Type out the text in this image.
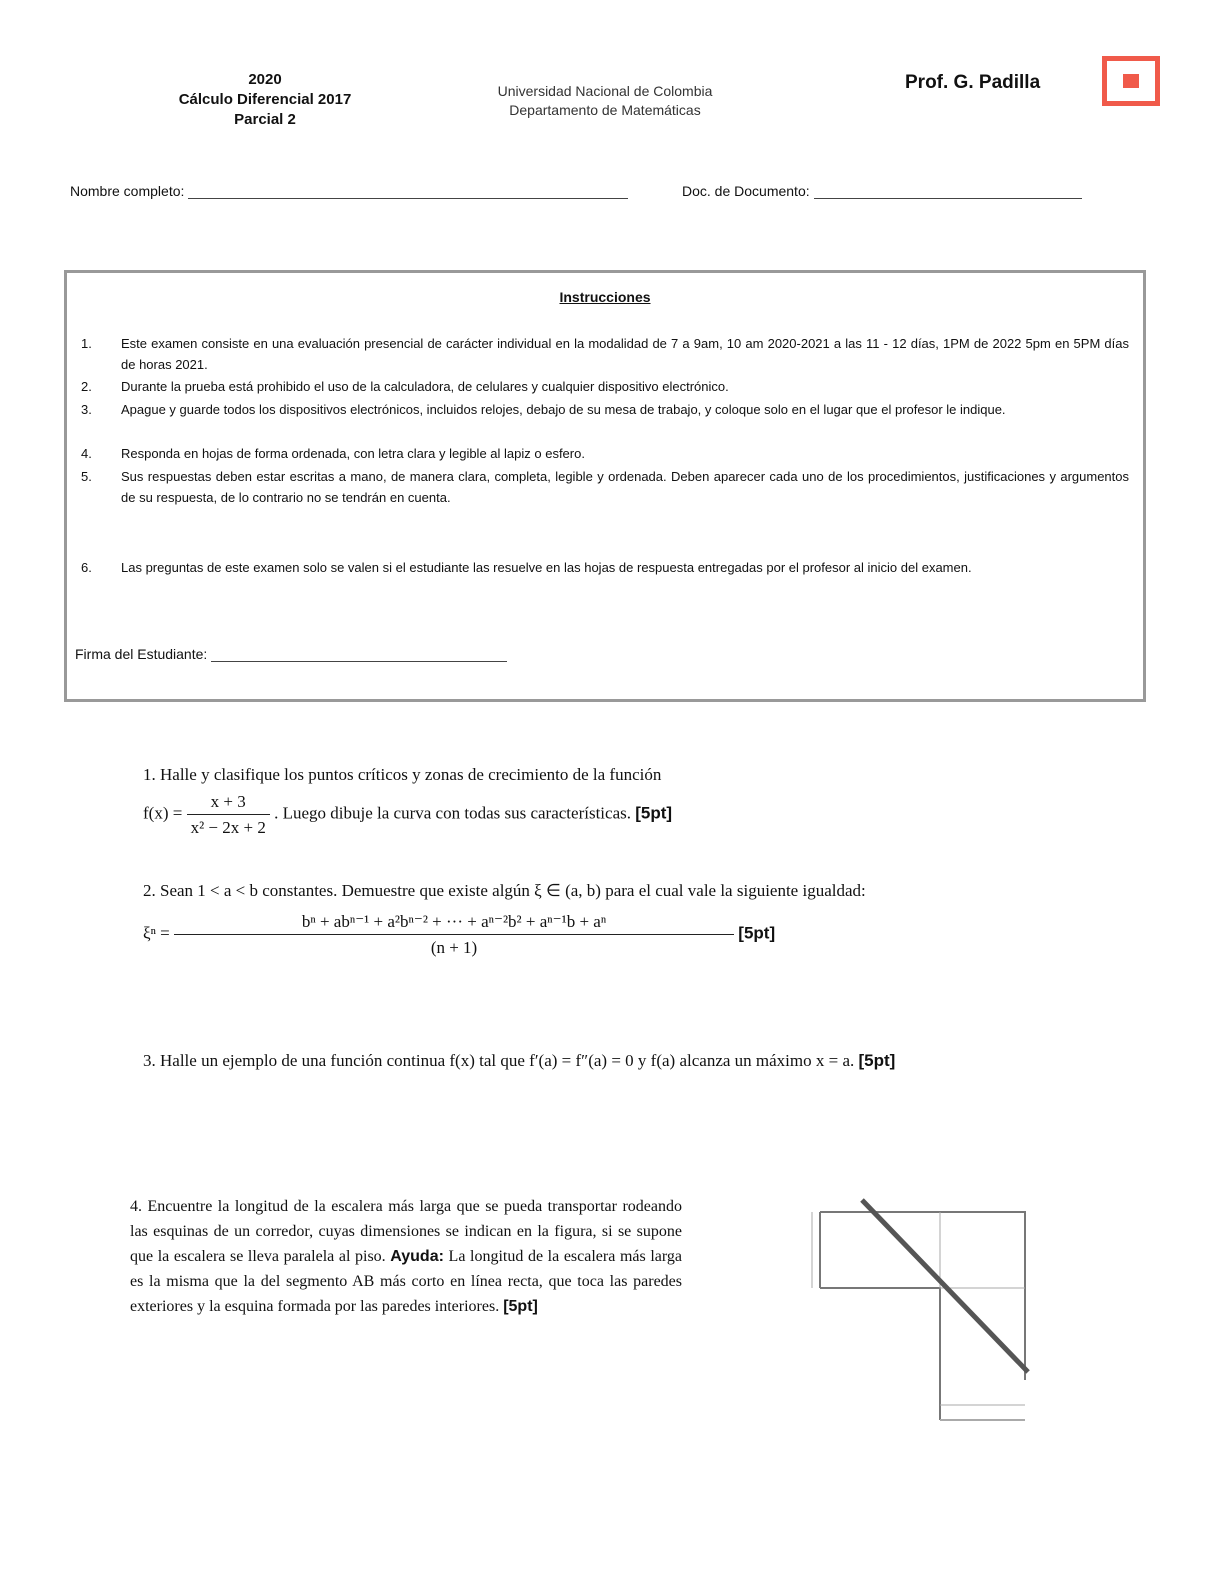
2020
Cálculo Diferencial 2017
Parcial 2
Universidad Nacional de Colombia
Departamento de Matemáticas
Prof. G. Padilla
Nombre completo:	Doc. de Documento:
Instrucciones
1.	Este examen consiste en una evaluación presencial de carácter individual en la modalidad de 7 a 9am, 10 am 2020-2021 a las 11 - 12 días, 1PM de 2022 5pm en 5PM días de horas 2021.
2.	Durante la prueba está prohibido el uso de la calculadora, de celulares y cualquier dispositivo electrónico.
3.	Apague y guarde todos los dispositivos electrónicos, incluidos relojes, debajo de su mesa de trabajo, y coloque solo en el lugar que el profesor le indique.
4.	Responda en hojas de forma ordenada, con letra clara y legible al lapiz o esfero.
5.	Sus respuestas deben estar escritas a mano, de manera clara, completa, legible y ordenada. Deben aparecer cada uno de los procedimientos, justificaciones y argumentos de su respuesta, de lo contrario no se tendrán en cuenta.
6.	Las preguntas de este examen solo se valen si el estudiante las resuelve en las hojas de respuesta entregadas por el profesor al inicio del examen.
Firma del Estudiante:
1. Halle y clasifique los puntos críticos y zonas de crecimiento de la función
$f(x) = \frac{x + 3}{\text{x² − 2x + 2}}$ . Luego dibuje la curva con todas sus características. [5pt]
2. Sean 1 < a < b constantes. Demuestre que existe algún ξ ∈ (a, b) para el cual vale la siguiente igualdad:
$\xi^n = \frac{\text{bⁿ + abⁿ⁻¹ + a²bⁿ⁻² + ··· + aⁿ⁻²b² + aⁿ⁻¹b + aⁿ}}{(n + 1)} [5pt]$
3. Halle un ejemplo de una función continua f(x) tal que f′(a) = f″(a) = 0 y f(a) alcanza un máximo x = a. [5pt]
4. Encuentre la longitud de la escalera más larga que se pueda transportar rodeando las esquinas de un corredor, cuyas dimensiones se indican en la figura, si se supone que la escalera se lleva paralela al piso. Ayuda: La longitud de la escalera más larga es la misma que la del segmento AB más corto en línea recta, que toca las paredes exteriores y la esquina formada por las paredes interiores. [5pt]
